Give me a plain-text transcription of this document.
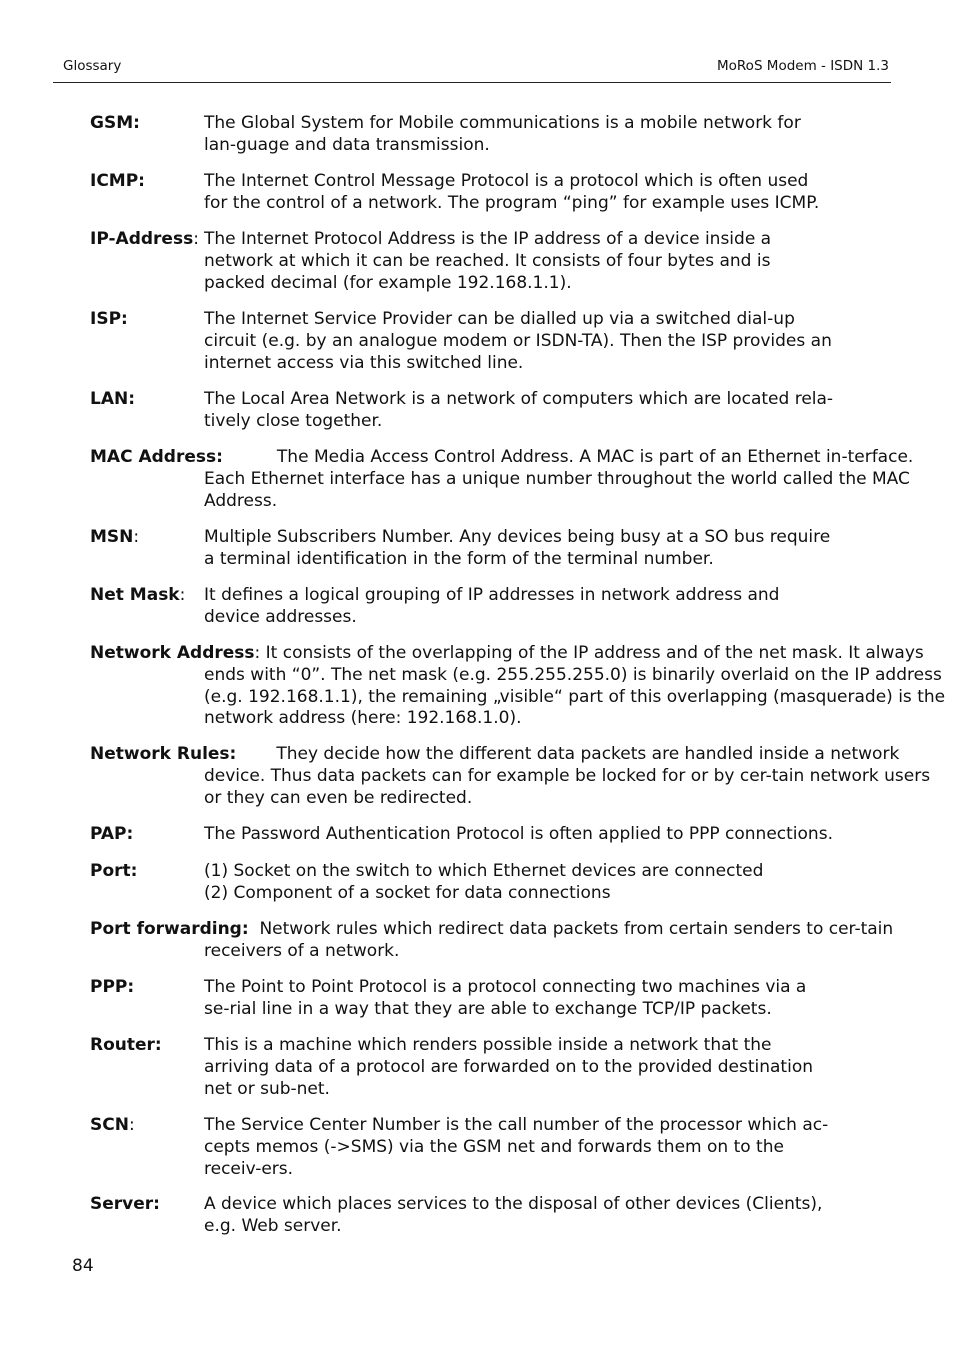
Glossary	MoRoS Modem - ISDN 1.3
GSM:	The Global System for Mobile communications is a mobile network for lan-guage and data transmission.
ICMP:	The Internet Control Message Protocol is a protocol which is often used for the control of a network. The program “ping” for example uses ICMP.
IP-Address: The Internet Protocol Address is the IP address of a device inside a network at which it can be reached. It consists of four bytes and is packed decimal (for example 192.168.1.1).
ISP:	The Internet Service Provider can be dialled up via a switched dial-up circuit (e.g. by an analogue modem or ISDN-TA). Then the ISP provides an internet access via this switched line.
LAN:	The Local Area Network is a network of computers which are located rela-tively close together.
MAC Address:	The Media Access Control Address. A MAC is part of an Ethernet in-terface. Each Ethernet interface has a unique number throughout the world called the MAC Address.
MSN:	Multiple Subscribers Number. Any devices being busy at a SO bus require a terminal identification in the form of the terminal number.
Net Mask: It defines a logical grouping of IP addresses in network address and device addresses.
Network Address: It consists of the overlapping of the IP address and of the net mask. It always ends with “0”. The net mask (e.g. 255.255.255.0) is binarily overlaid on the IP address (e.g. 192.168.1.1), the remaining „visible“ part of this overlapping (masquerade) is the network address (here: 192.168.1.0).
Network Rules: They decide how the different data packets are handled inside a network device. Thus data packets can for example be locked for or by cer-tain network users or they can even be redirected.
PAP:	The Password Authentication Protocol is often applied to PPP connections.
Port:	(1) Socket on the switch to which Ethernet devices are connected
(2) Component of a socket for data connections
Port forwarding: Network rules which redirect data packets from certain senders to cer-tain receivers of a network.
PPP:	The Point to Point Protocol is a protocol connecting two machines via a se-rial line in a way that they are able to exchange TCP/IP packets.
Router: This is a machine which renders possible inside a network that the arriving data of a protocol are forwarded on to the provided destination net or sub-net.
SCN:	The Service Center Number is the call number of the processor which ac-cepts memos (->SMS) via the GSM net and forwards them on to the receiv-ers.
Server:	A device which places services to the disposal of other devices (Clients), e.g. Web server.
84
